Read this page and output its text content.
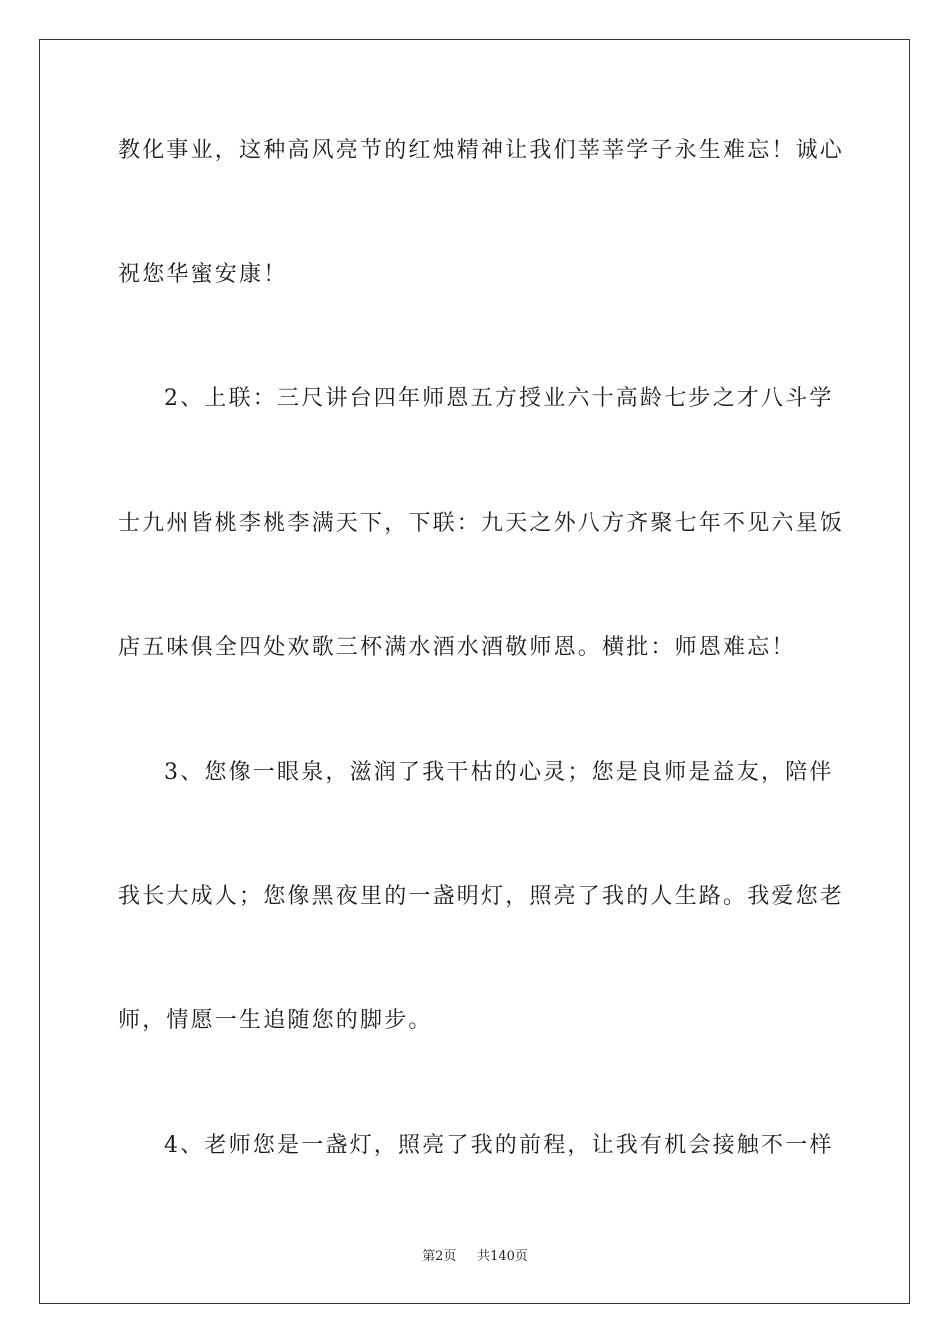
教化事业，这种高风亮节的红烛精神让我们莘莘学子永生难忘！诚心

祝您华蜜安康！

2、上联：三尺讲台四年师恩五方授业六十高龄七步之才八斗学

士九州皆桃李桃李满天下，下联：九天之外八方齐聚七年不见六星饭

店五味俱全四处欢歌三杯满水酒水酒敬师恩。横批：师恩难忘！

3、您像一眼泉，滋润了我干枯的心灵；您是良师是益友，陪伴

我长大成人；您像黑夜里的一盏明灯，照亮了我的人生路。我爱您老

师，情愿一生追随您的脚步。

4、老师您是一盏灯，照亮了我的前程，让我有机会接触不一样

第2页 共140页
